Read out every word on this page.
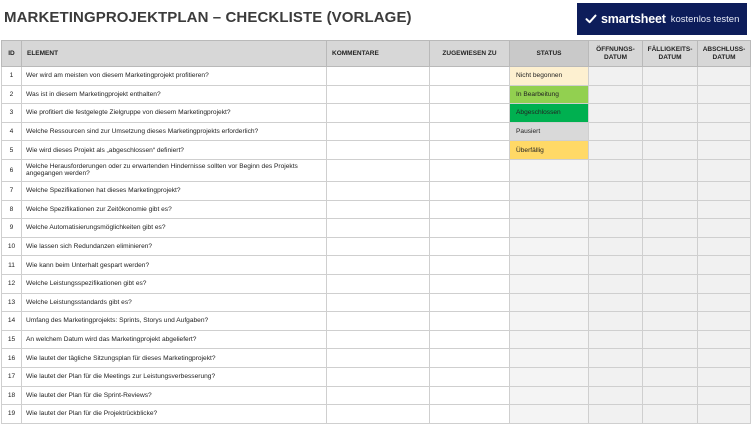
MARKETINGPROJEKTPLAN – CHECKLISTE (VORLAGE)	smartsheet kostenlos testen
ID	ELEMENT	KOMMENTARE	ZUGEWIESEN ZU	STATUS	ÖFFNUNGS-DATUM	FÄLLIGKEITS-DATUM	ABSCHLUSS-DATUM
1	Wer wird am meisten von diesem Marketingprojekt profitieren?			Nicht begonnen			
2	Was ist in diesem Marketingprojekt enthalten?			In Bearbeitung			
3	Wie profitiert die festgelegte Zielgruppe von diesem Marketingprojekt?			Abgeschlossen			
4	Welche Ressourcen sind zur Umsetzung dieses Marketingprojekts erforderlich?			Pausiert			
5	Wie wird dieses Projekt als „abgeschlossen“ definiert?			Überfällig			
6	Welche Herausforderungen oder zu erwartenden Hindernisse sollten vor Beginn des Projekts angegangen werden?						
7	Welche Spezifikationen hat dieses Marketingprojekt?						
8	Welche Spezifikationen zur Zeitökonomie gibt es?						
9	Welche Automatisierungsmöglichkeiten gibt es?						
10	Wie lassen sich Redundanzen eliminieren?						
11	Wie kann beim Unterhalt gespart werden?						
12	Welche Leistungsspezifikationen gibt es?						
13	Welche Leistungsstandards gibt es?						
14	Umfang des Marketingprojekts: Sprints, Storys und Aufgaben?						
15	An welchem Datum wird das Marketingprojekt abgeliefert?						
16	Wie lautet der tägliche Sitzungsplan für dieses Marketingprojekt?						
17	Wie lautet der Plan für die Meetings zur Leistungsverbesserung?						
18	Wie lautet der Plan für die Sprint-Reviews?						
19	Wie lautet der Plan für die Projektrückblicke?						
